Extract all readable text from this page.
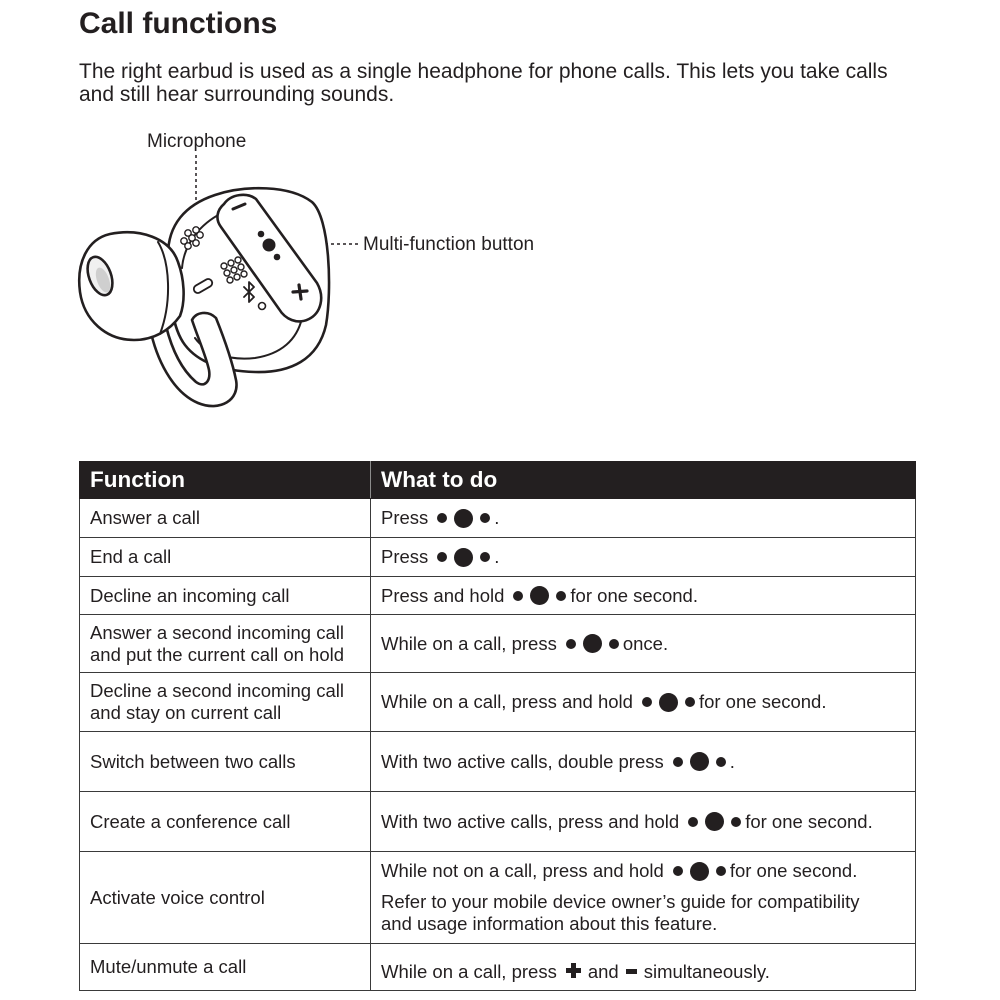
Call functions

The right earbud is used as a single headphone for phone calls. This lets you take calls
and still hear surrounding sounds.

Microphone
Multi-function button
Function	What to do

Answer a call	Press .

End a call	Press .

Decline an incoming call	Press and hold for one second.

Answer a second incoming call
and put the current call on hold	While on a call, press once.

Decline a second incoming call
and stay on current call	While on a call, press and hold for one second.

Switch between two calls	With two active calls, double press .

Create a conference call	With two active calls, press and hold for one second.

Activate voice control	While not on a call, press and hold for one second.
Refer to your mobile device owner’s guide for compatibility
and usage information about this feature.

Mute/unmute a call	While on a call, press and simultaneously.
